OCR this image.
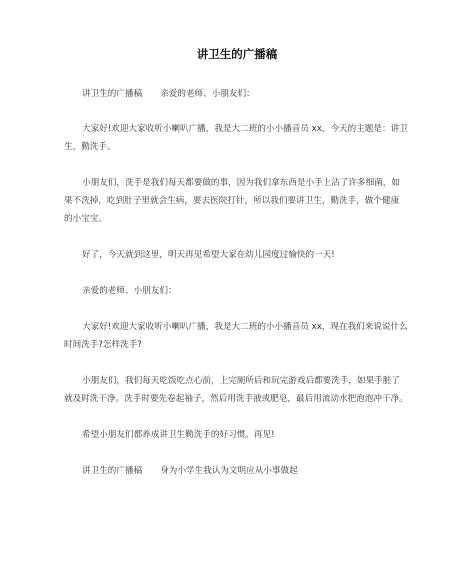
讲卫生的广播稿
讲卫生的广播稿 亲爱的老师、小朋友们：
大家好!欢迎大家收听小喇叭广播，我是大二班的小小播音员 xx，今天的主题是：讲卫
生，勤洗手。
小朋友们，洗手是我们每天都要做的事，因为我们拿东西是小手上沾了许多细菌，如
果不洗掉，吃到肚子里就会生病，要去医院打针，所以我们要讲卫生，勤洗手，做个健康
的小宝宝。
好了，今天就到这里，明天再见希望大家在幼儿园度过愉快的一天!
亲爱的老师、小朋友们：
大家好!欢迎大家收听小喇叭广播，我是大二班的小小播音员 xx，现在我们来说说什么
时间洗手?怎样洗手?
小朋友们，我们每天吃饭吃点心前，上完厕所后和玩完游戏后都要洗手，如果手脏了
就及时洗干净。洗手时要先卷起袖子，然后用洗手液或肥皂，最后用流动水把泡泡冲干净。
希望小朋友们都养成讲卫生勤洗手的好习惯。再见!
讲卫生的广播稿 身为小学生我认为文明应从小事做起
